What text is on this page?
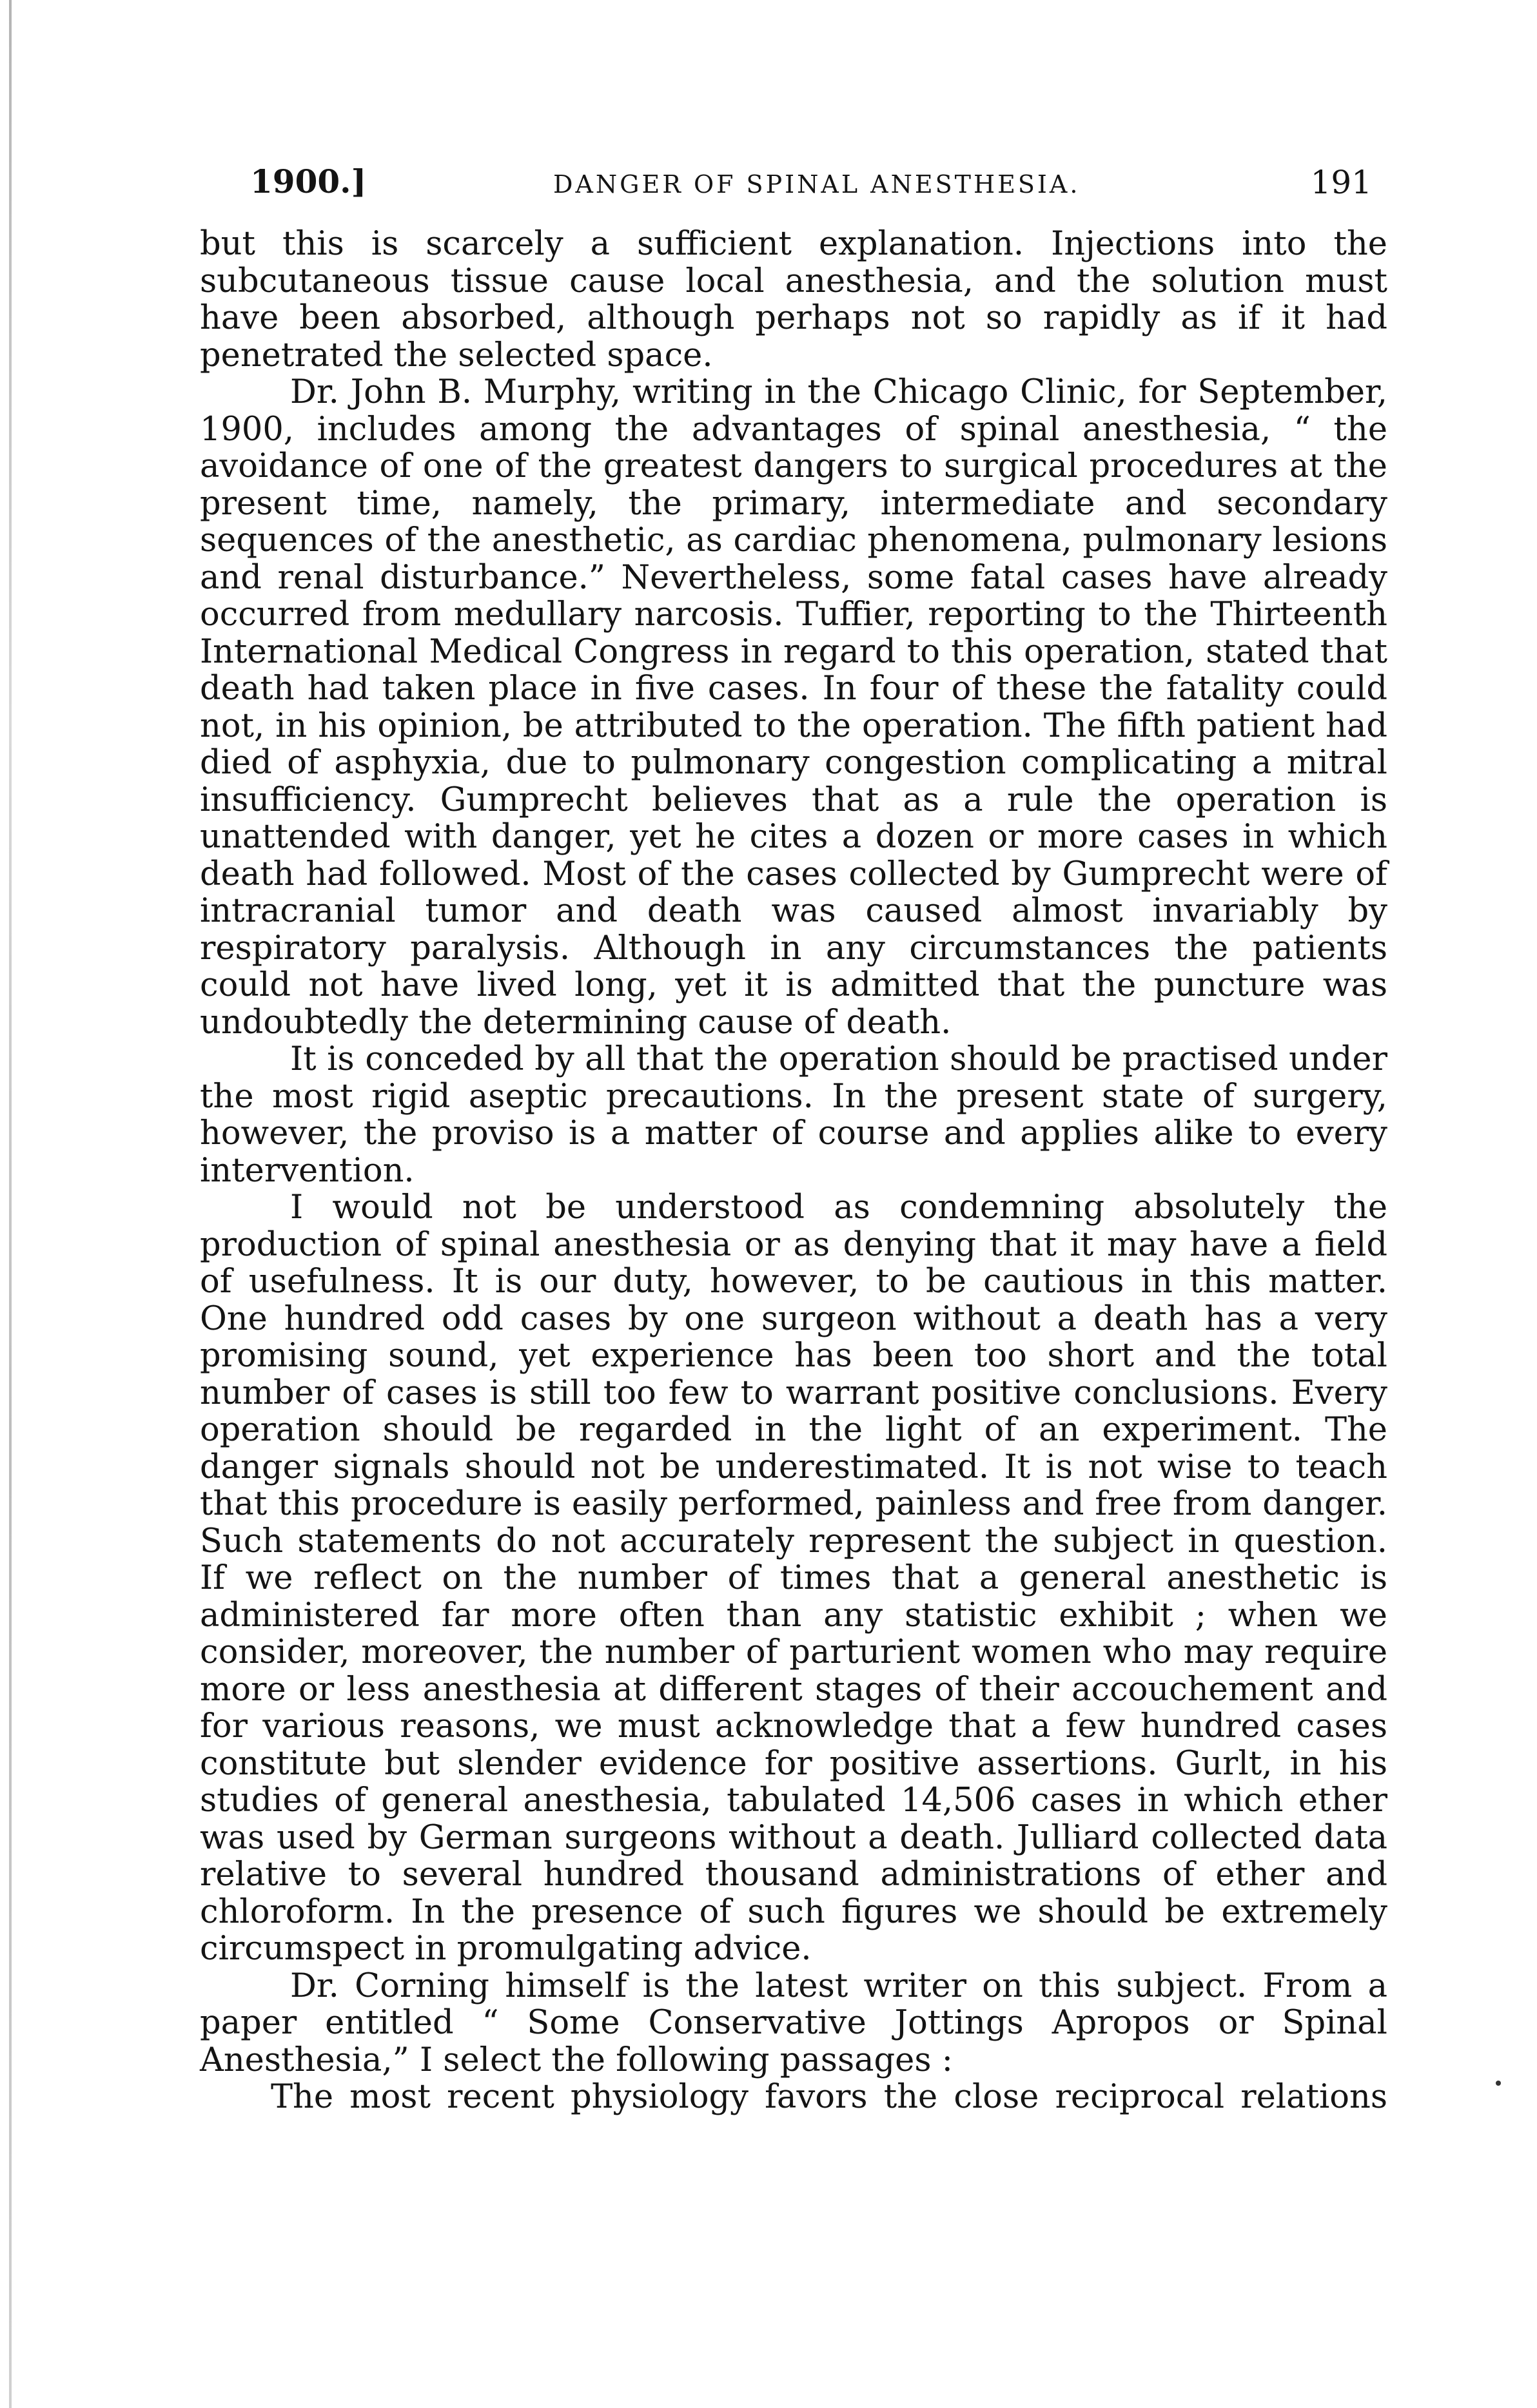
1900.]	DANGER OF SPINAL ANESTHESIA.	191

but this is scarcely a sufficient explanation. Injections into the subcutaneous tissue cause local anesthesia, and the solution must have been absorbed, although perhaps not so rapidly as if it had penetrated the selected space.

Dr. John B. Murphy, writing in the Chicago Clinic, for September, 1900, includes among the advantages of spinal anesthesia, “ the avoidance of one of the greatest dangers to surgical procedures at the present time, namely, the primary, intermediate and secondary sequences of the anesthetic, as cardiac phenomena, pulmonary lesions and renal disturbance.” Nevertheless, some fatal cases have already occurred from medullary narcosis. Tuffier, reporting to the Thirteenth International Medical Congress in regard to this operation, stated that death had taken place in five cases. In four of these the fatality could not, in his opinion, be attributed to the operation. The fifth patient had died of asphyxia, due to pulmonary congestion complicating a mitral insufficiency. Gumprecht believes that as a rule the operation is unattended with danger, yet he cites a dozen or more cases in which death had followed. Most of the cases collected by Gumprecht were of intracranial tumor and death was caused almost invariably by respiratory paralysis. Although in any circumstances the patients could not have lived long, yet it is admitted that the puncture was undoubtedly the determining cause of death.

It is conceded by all that the operation should be practised under the most rigid aseptic precautions. In the present state of surgery, however, the proviso is a matter of course and applies alike to every intervention.

I would not be understood as condemning absolutely the production of spinal anesthesia or as denying that it may have a field of usefulness. It is our duty, however, to be cautious in this matter. One hundred odd cases by one surgeon without a death has a very promising sound, yet experience has been too short and the total number of cases is still too few to warrant positive conclusions. Every operation should be regarded in the light of an experiment. The danger signals should not be underestimated. It is not wise to teach that this procedure is easily performed, painless and free from danger. Such statements do not accurately represent the subject in question. If we reflect on the number of times that a general anesthetic is administered far more often than any statistic exhibit ; when we consider, moreover, the number of parturient women who may require more or less anesthesia at different stages of their accouchement and for various reasons, we must acknowledge that a few hundred cases constitute but slender evidence for positive assertions. Gurlt, in his studies of general anesthesia, tabulated 14,506 cases in which ether was used by German surgeons without a death. Julliard collected data relative to several hundred thousand administrations of ether and chloroform. In the presence of such figures we should be extremely circumspect in promulgating advice.

Dr. Corning himself is the latest writer on this subject. From a paper entitled “ Some Conservative Jottings Apropos or Spinal Anesthesia,” I select the following passages :

The most recent physiology favors the close reciprocal relations
